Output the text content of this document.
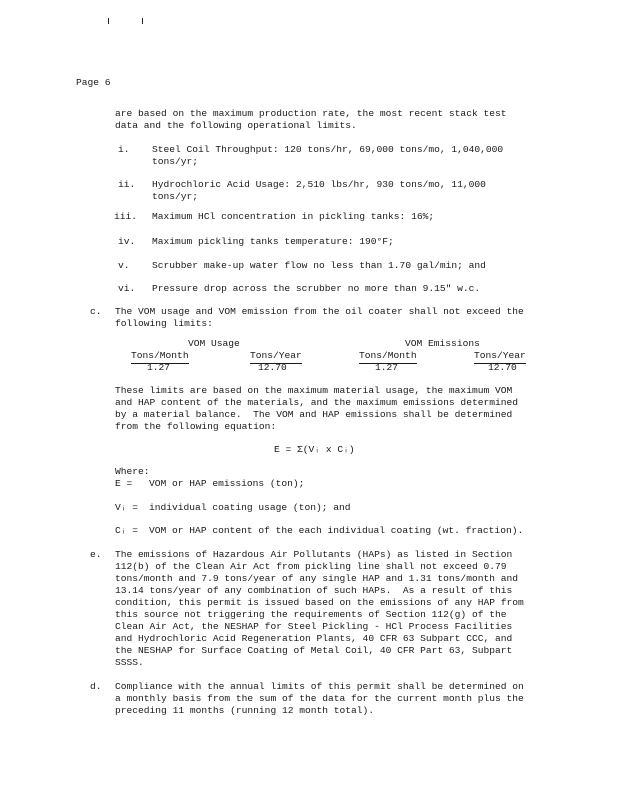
Page 6
are based on the maximum production rate, the most recent stack test
data and the following operational limits.
i. Steel Coil Throughput: 120 tons/hr, 69,000 tons/mo, 1,040,000
tons/yr;
ii. Hydrochloric Acid Usage: 2,510 lbs/hr, 930 tons/mo, 11,000
tons/yr;
iii. Maximum HCl concentration in pickling tanks: 16%;
iv. Maximum pickling tanks temperature: 190°F;
v. Scrubber make-up water flow no less than 1.70 gal/min; and
vi. Pressure drop across the scrubber no more than 9.15" w.c.
c. The VOM usage and VOM emission from the oil coater shall not exceed the
following limits:
VOM Usage	VOM Emissions
Tons/Month	Tons/Year	Tons/Month	Tons/Year
1.27	12.70	1.27	12.70
These limits are based on the maximum material usage, the maximum VOM
and HAP content of the materials, and the maximum emissions determined
by a material balance.  The VOM and HAP emissions shall be determined
from the following equation:
E = Σ(Vᵢ x Cᵢ)
Where:
E = VOM or HAP emissions (ton);
Vᵢ = individual coating usage (ton); and
Cᵢ = VOM or HAP content of the each individual coating (wt. fraction).
e. The emissions of Hazardous Air Pollutants (HAPs) as listed in Section
112(b) of the Clean Air Act from pickling line shall not exceed 0.79
tons/month and 7.9 tons/year of any single HAP and 1.31 tons/month and
13.14 tons/year of any combination of such HAPs.  As a result of this
condition, this permit is issued based on the emissions of any HAP from
this source not triggering the requirements of Section 112(g) of the
Clean Air Act, the NESHAP for Steel Pickling - HCl Process Facilities
and Hydrochloric Acid Regeneration Plants, 40 CFR 63 Subpart CCC, and
the NESHAP for Surface Coating of Metal Coil, 40 CFR Part 63, Subpart
SSSS.
d. Compliance with the annual limits of this permit shall be determined on
a monthly basis from the sum of the data for the current month plus the
preceding 11 months (running 12 month total).
